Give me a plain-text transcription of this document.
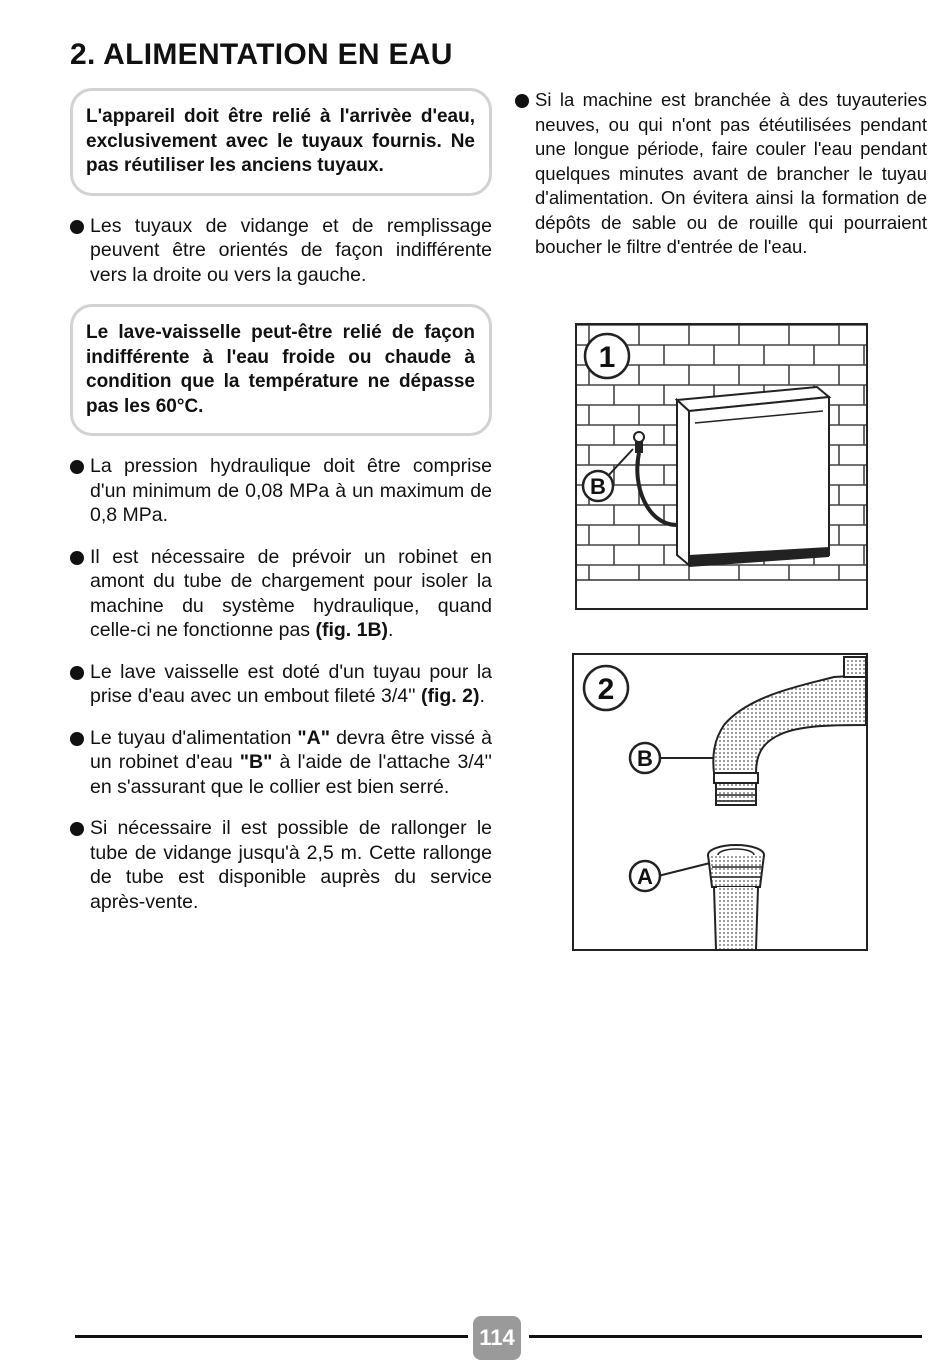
2. ALIMENTATION EN EAU
L'appareil doit être relié à l'arrivèe d'eau, exclusivement avec le tuyaux fournis. Ne pas réutiliser les anciens tuyaux.

Les tuyaux de vidange et de remplissage peuvent être orientés de façon indifférente vers la droite ou vers la gauche.

Le lave-vaisselle peut-être relié de façon indifférente à l'eau froide ou chaude à condition que la température ne dépasse pas les 60°C.

La pression hydraulique doit être comprise d'un minimum de 0,08 MPa à un maximum de 0,8 MPa.

Il est nécessaire de prévoir un robinet en amont du tube de chargement pour isoler la machine du système hydraulique, quand celle-ci ne fonctionne pas (fig. 1B).

Le lave vaisselle est doté d'un tuyau pour la prise d'eau avec un embout fileté 3/4'' (fig. 2).

Le tuyau d'alimentation "A" devra être vissé à un robinet d'eau "B" à l'aide de l'attache 3/4'' en s'assurant que le collier est bien serré.

Si nécessaire il est possible de rallonger le tube de vidange jusqu'à 2,5 m. Cette rallonge de tube est disponible auprès du service après-vente.

Si la machine est branchée à des tuyauteries neuves, ou qui n'ont pas étéutilisées pendant une longue période, faire couler l'eau pendant quelques minutes avant de brancher le tuyau d'alimentation. On évitera ainsi la formation de dépôts de sable ou de rouille qui pourraient boucher le filtre d'entrée de l'eau.

1
B
2
B
A
114
